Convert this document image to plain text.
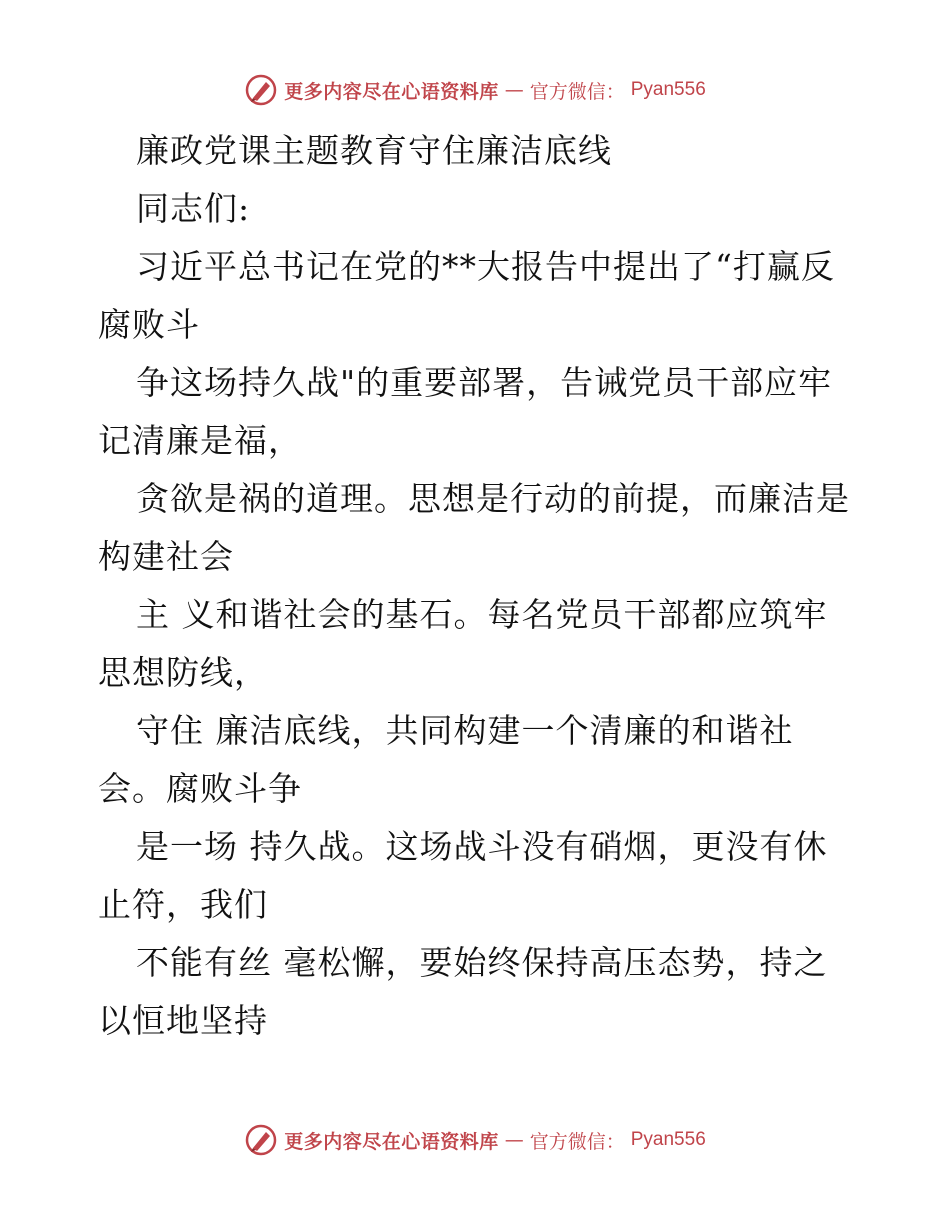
更多内容尽在心语资料库 — 官方微信： Pyan556
廉政党课主题教育守住廉洁底线
同志们:
习近平总书记在党的**大报告中提出了“打赢反
腐败斗
争这场持久战"的重要部署，告诫党员干部应牢
记清廉是福，
贪欲是祸的道理。思想是行动的前提，而廉洁是
构建社会
主 义和谐社会的基石。每名党员干部都应筑牢
思想防线，
守住 廉洁底线，共同构建一个清廉的和谐社
会。腐败斗争
是一场 持久战。这场战斗没有硝烟，更没有休
止符，我们
不能有丝 毫松懈，要始终保持高压态势，持之
以恒地坚持
更多内容尽在心语资料库 — 官方微信： Pyan556
